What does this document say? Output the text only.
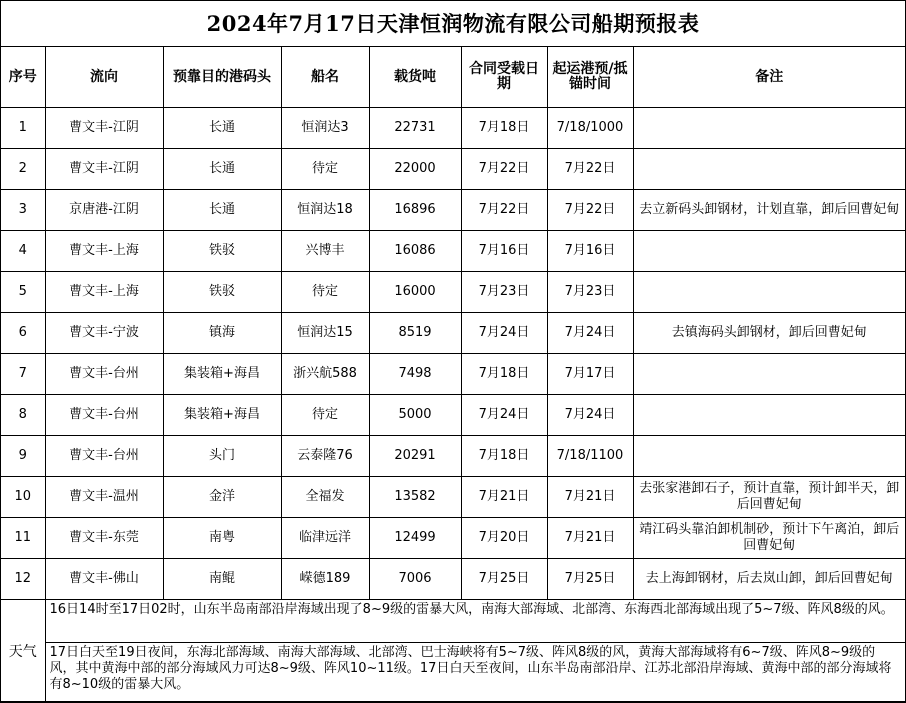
2024年7月17日天津恒润物流有限公司船期预报表
序号	流向	预靠目的港码头	船名	载货吨	合同受载日期	起运港预/抵锚时间	备注
1	曹文丰-江阴	长通	恒润达3	22731	7月18日	7/18/1000	
2	曹文丰-江阴	长通	待定	22000	7月22日	7月22日	
3	京唐港-江阴	长通	恒润达18	16896	7月22日	7月22日	去立新码头卸钢材，计划直靠，卸后回曹妃甸
4	曹文丰-上海	铁驳	兴博丰	16086	7月16日	7月16日	
5	曹文丰-上海	铁驳	待定	16000	7月23日	7月23日	
6	曹文丰-宁波	镇海	恒润达15	8519	7月24日	7月24日	去镇海码头卸钢材，卸后回曹妃甸
7	曹文丰-台州	集装箱+海昌	浙兴航588	7498	7月18日	7月17日	
8	曹文丰-台州	集装箱+海昌	待定	5000	7月24日	7月24日	
9	曹文丰-台州	头门	云泰隆76	20291	7月18日	7/18/1100	
10	曹文丰-温州	金洋	全福发	13582	7月21日	7月21日	去张家港卸石子，预计直靠，预计卸半天，卸后回曹妃甸
11	曹文丰-东莞	南粤	临津远洋	12499	7月20日	7月21日	靖江码头靠泊卸机制砂，预计下午离泊，卸后回曹妃甸
12	曹文丰-佛山	南鲲	嵘德189	7006	7月25日	7月25日	去上海卸钢材，后去岚山卸，卸后回曹妃甸
天气	16日14时至17日02时，山东半岛南部沿岸海域出现了8~9级的雷暴大风，南海大部海域、北部湾、东海西北部海域出现了5~7级、阵风8级的风。						
	17日白天至19日夜间，东海北部海域、南海大部海域、北部湾、巴士海峡将有5~7级、阵风8级的风，黄海大部海域将有6~7级、阵风8~9级的风，其中黄海中部的部分海域风力可达8~9级、阵风10~11级。17日白天至夜间，山东半岛南部沿岸、江苏北部沿岸海域、黄海中部的部分海域将有8~10级的雷暴大风。						
